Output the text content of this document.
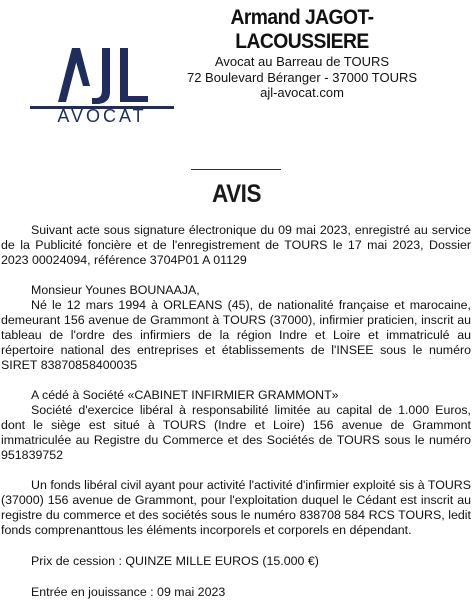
AVOCAT
Armand JAGOT-LACOUSSIERE
Avocat au Barreau de TOURS
72 Boulevard Béranger - 37000 TOURS
ajl-avocat.com
AVIS

Suivant acte sous signature électronique du 09 mai 2023, enregistré au service de la Publicité foncière et de l'enregistrement de TOURS le 17 mai 2023, Dossier 2023 00024094, référence 3704P01 A 01129

Monsieur Younes BOUNAAJA,

Né le 12 mars 1994 à ORLEANS (45), de nationalité française et marocaine, demeurant 156 avenue de Grammont à TOURS (37000), infirmier praticien, inscrit au tableau de l'ordre des infirmiers de la région Indre et Loire et immatriculé au répertoire national des entreprises et établissements de l'INSEE sous le numéro SIRET 83870858400035

A cédé à Société «CABINET INFIRMIER GRAMMONT»

Société d'exercice libéral à responsabilité limitée au capital de 1.000 Euros, dont le siège est situé à TOURS (Indre et Loire) 156 avenue de Grammont immatriculée au Registre du Commerce et des Sociétés de TOURS sous le numéro 951839752

Un fonds libéral civil ayant pour activité l'activité d'infirmier exploité sis à TOURS (37000) 156 avenue de Grammont, pour l'exploitation duquel le Cédant est inscrit au registre du commerce et des sociétés sous le numéro 838708 584 RCS TOURS, ledit fonds comprenanttous les éléments incorporels et corporels en dépendant.

Prix de cession : QUINZE MILLE EUROS (15.000 €)

Entrée en jouissance : 09 mai 2023
